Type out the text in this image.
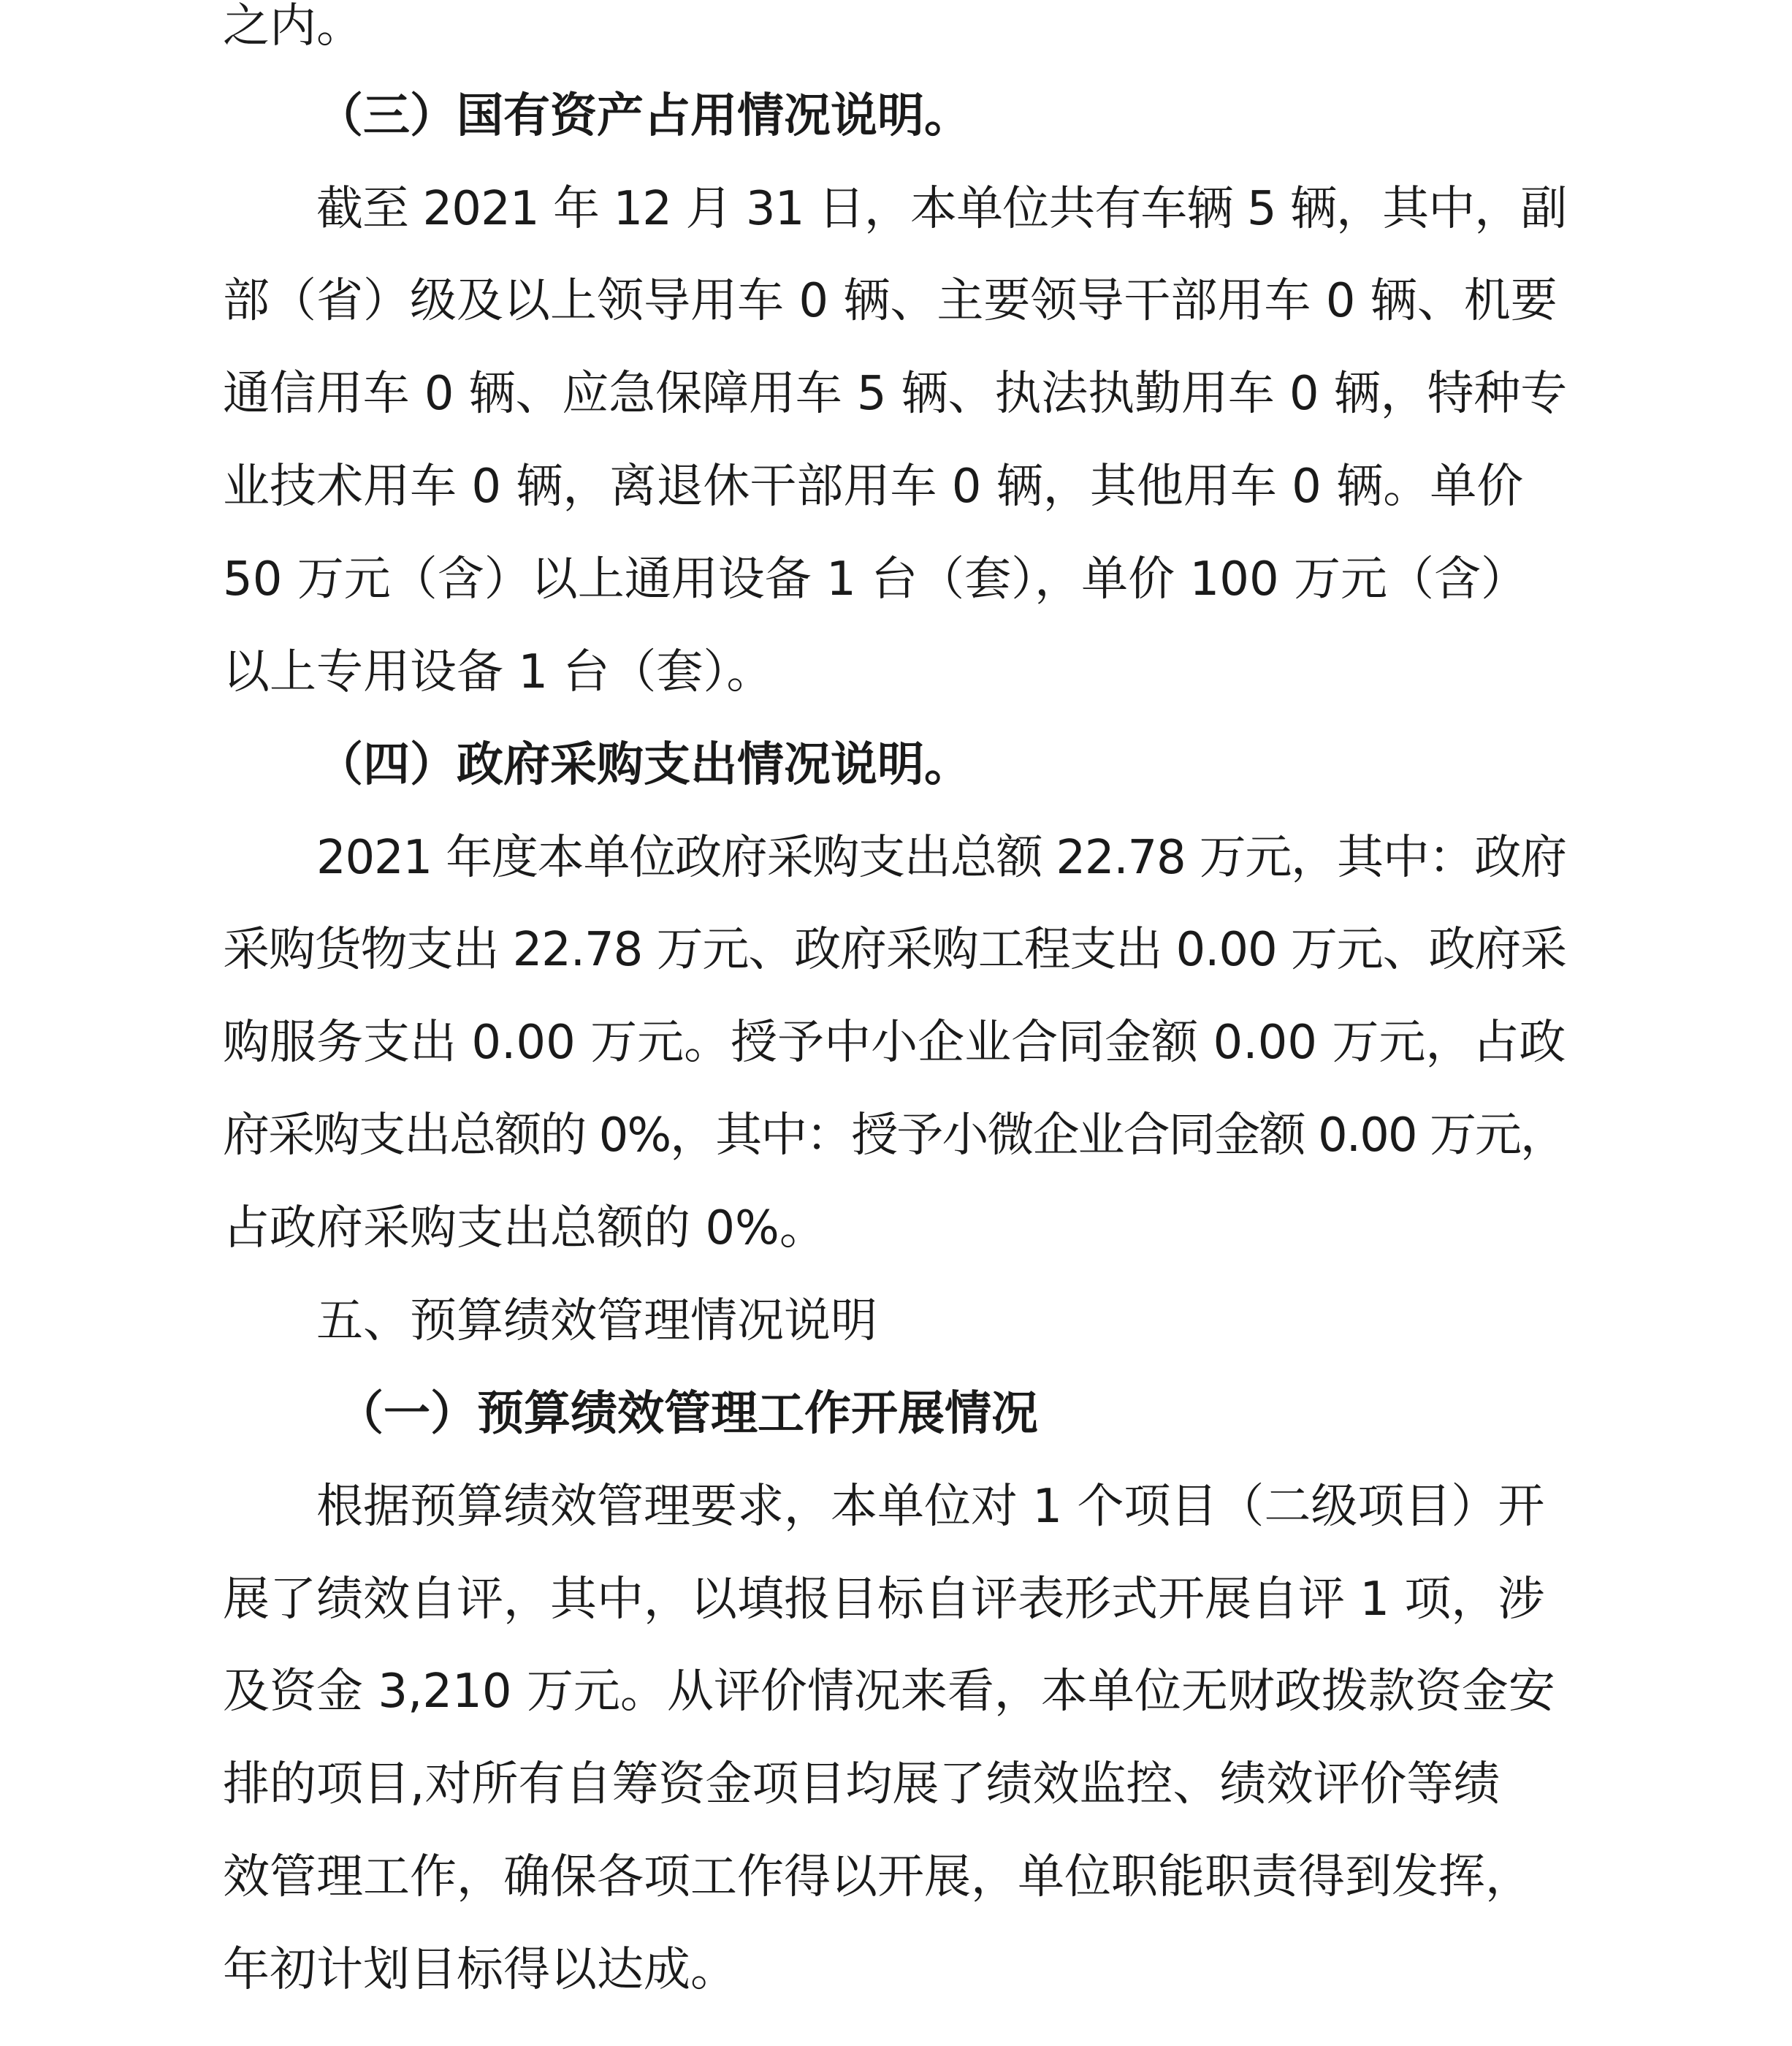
之内。
（三）国有资产占用情况说明。
截至 2021 年 12 月 31 日，本单位共有车辆 5 辆，其中，副
部（省）级及以上领导用车 0 辆、主要领导干部用车 0 辆、机要
通信用车 0 辆、应急保障用车 5 辆、执法执勤用车 0 辆，特种专
业技术用车 0 辆，离退休干部用车 0 辆，其他用车 0 辆。单价
50 万元（含）以上通用设备 1 台（套），单价 100 万元（含）
以上专用设备 1 台（套）。
（四）政府采购支出情况说明。
2021 年度本单位政府采购支出总额 22.78 万元，其中：政府
采购货物支出 22.78 万元、政府采购工程支出 0.00 万元、政府采
购服务支出 0.00 万元。授予中小企业合同金额 0.00 万元，占政
府采购支出总额的 0%，其中：授予小微企业合同金额 0.00 万元，
占政府采购支出总额的 0%。
五、预算绩效管理情况说明
（一）预算绩效管理工作开展情况
根据预算绩效管理要求，本单位对 1 个项目（二级项目）开
展了绩效自评，其中，以填报目标自评表形式开展自评 1 项，涉
及资金 3,210 万元。从评价情况来看，本单位无财政拨款资金安
排的项目,对所有自筹资金项目均展了绩效监控、绩效评价等绩
效管理工作，确保各项工作得以开展，单位职能职责得到发挥，
年初计划目标得以达成。
